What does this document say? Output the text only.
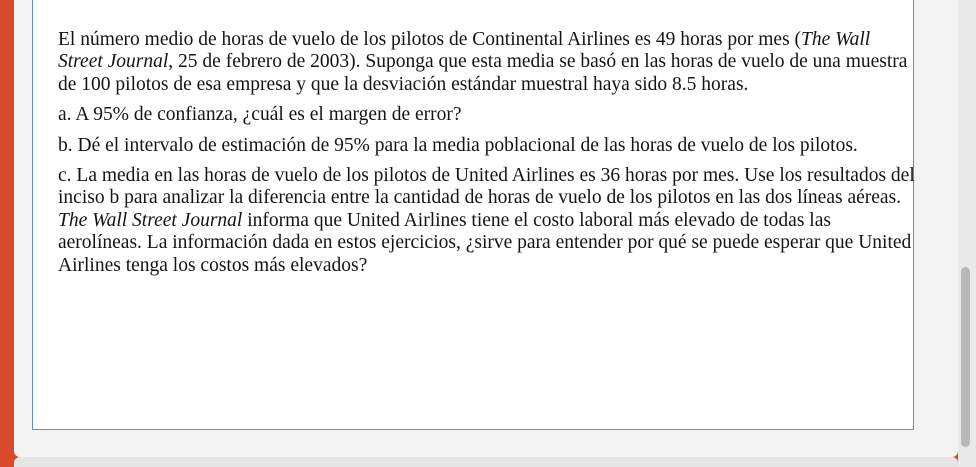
El número medio de horas de vuelo de los pilotos de Continental Airlines es 49 horas por mes (The Wall Street Journal, 25 de febrero de 2003). Suponga que esta media se basó en las horas de vuelo de una muestra de 100 pilotos de esa empresa y que la desviación estándar muestral haya sido 8.5 horas.

a. A 95% de confianza, ¿cuál es el margen de error?

b. Dé el intervalo de estimación de 95% para la media poblacional de las horas de vuelo de los pilotos.

c. La media en las horas de vuelo de los pilotos de United Airlines es 36 horas por mes. Use los resultados del inciso b para analizar la diferencia entre la cantidad de horas de vuelo de los pilotos en las dos líneas aéreas. The Wall Street Journal informa que United Airlines tiene el costo laboral más elevado de todas las aerolíneas. La información dada en estos ejercicios, ¿sirve para entender por qué se puede esperar que United Airlines tenga los costos más elevados?
